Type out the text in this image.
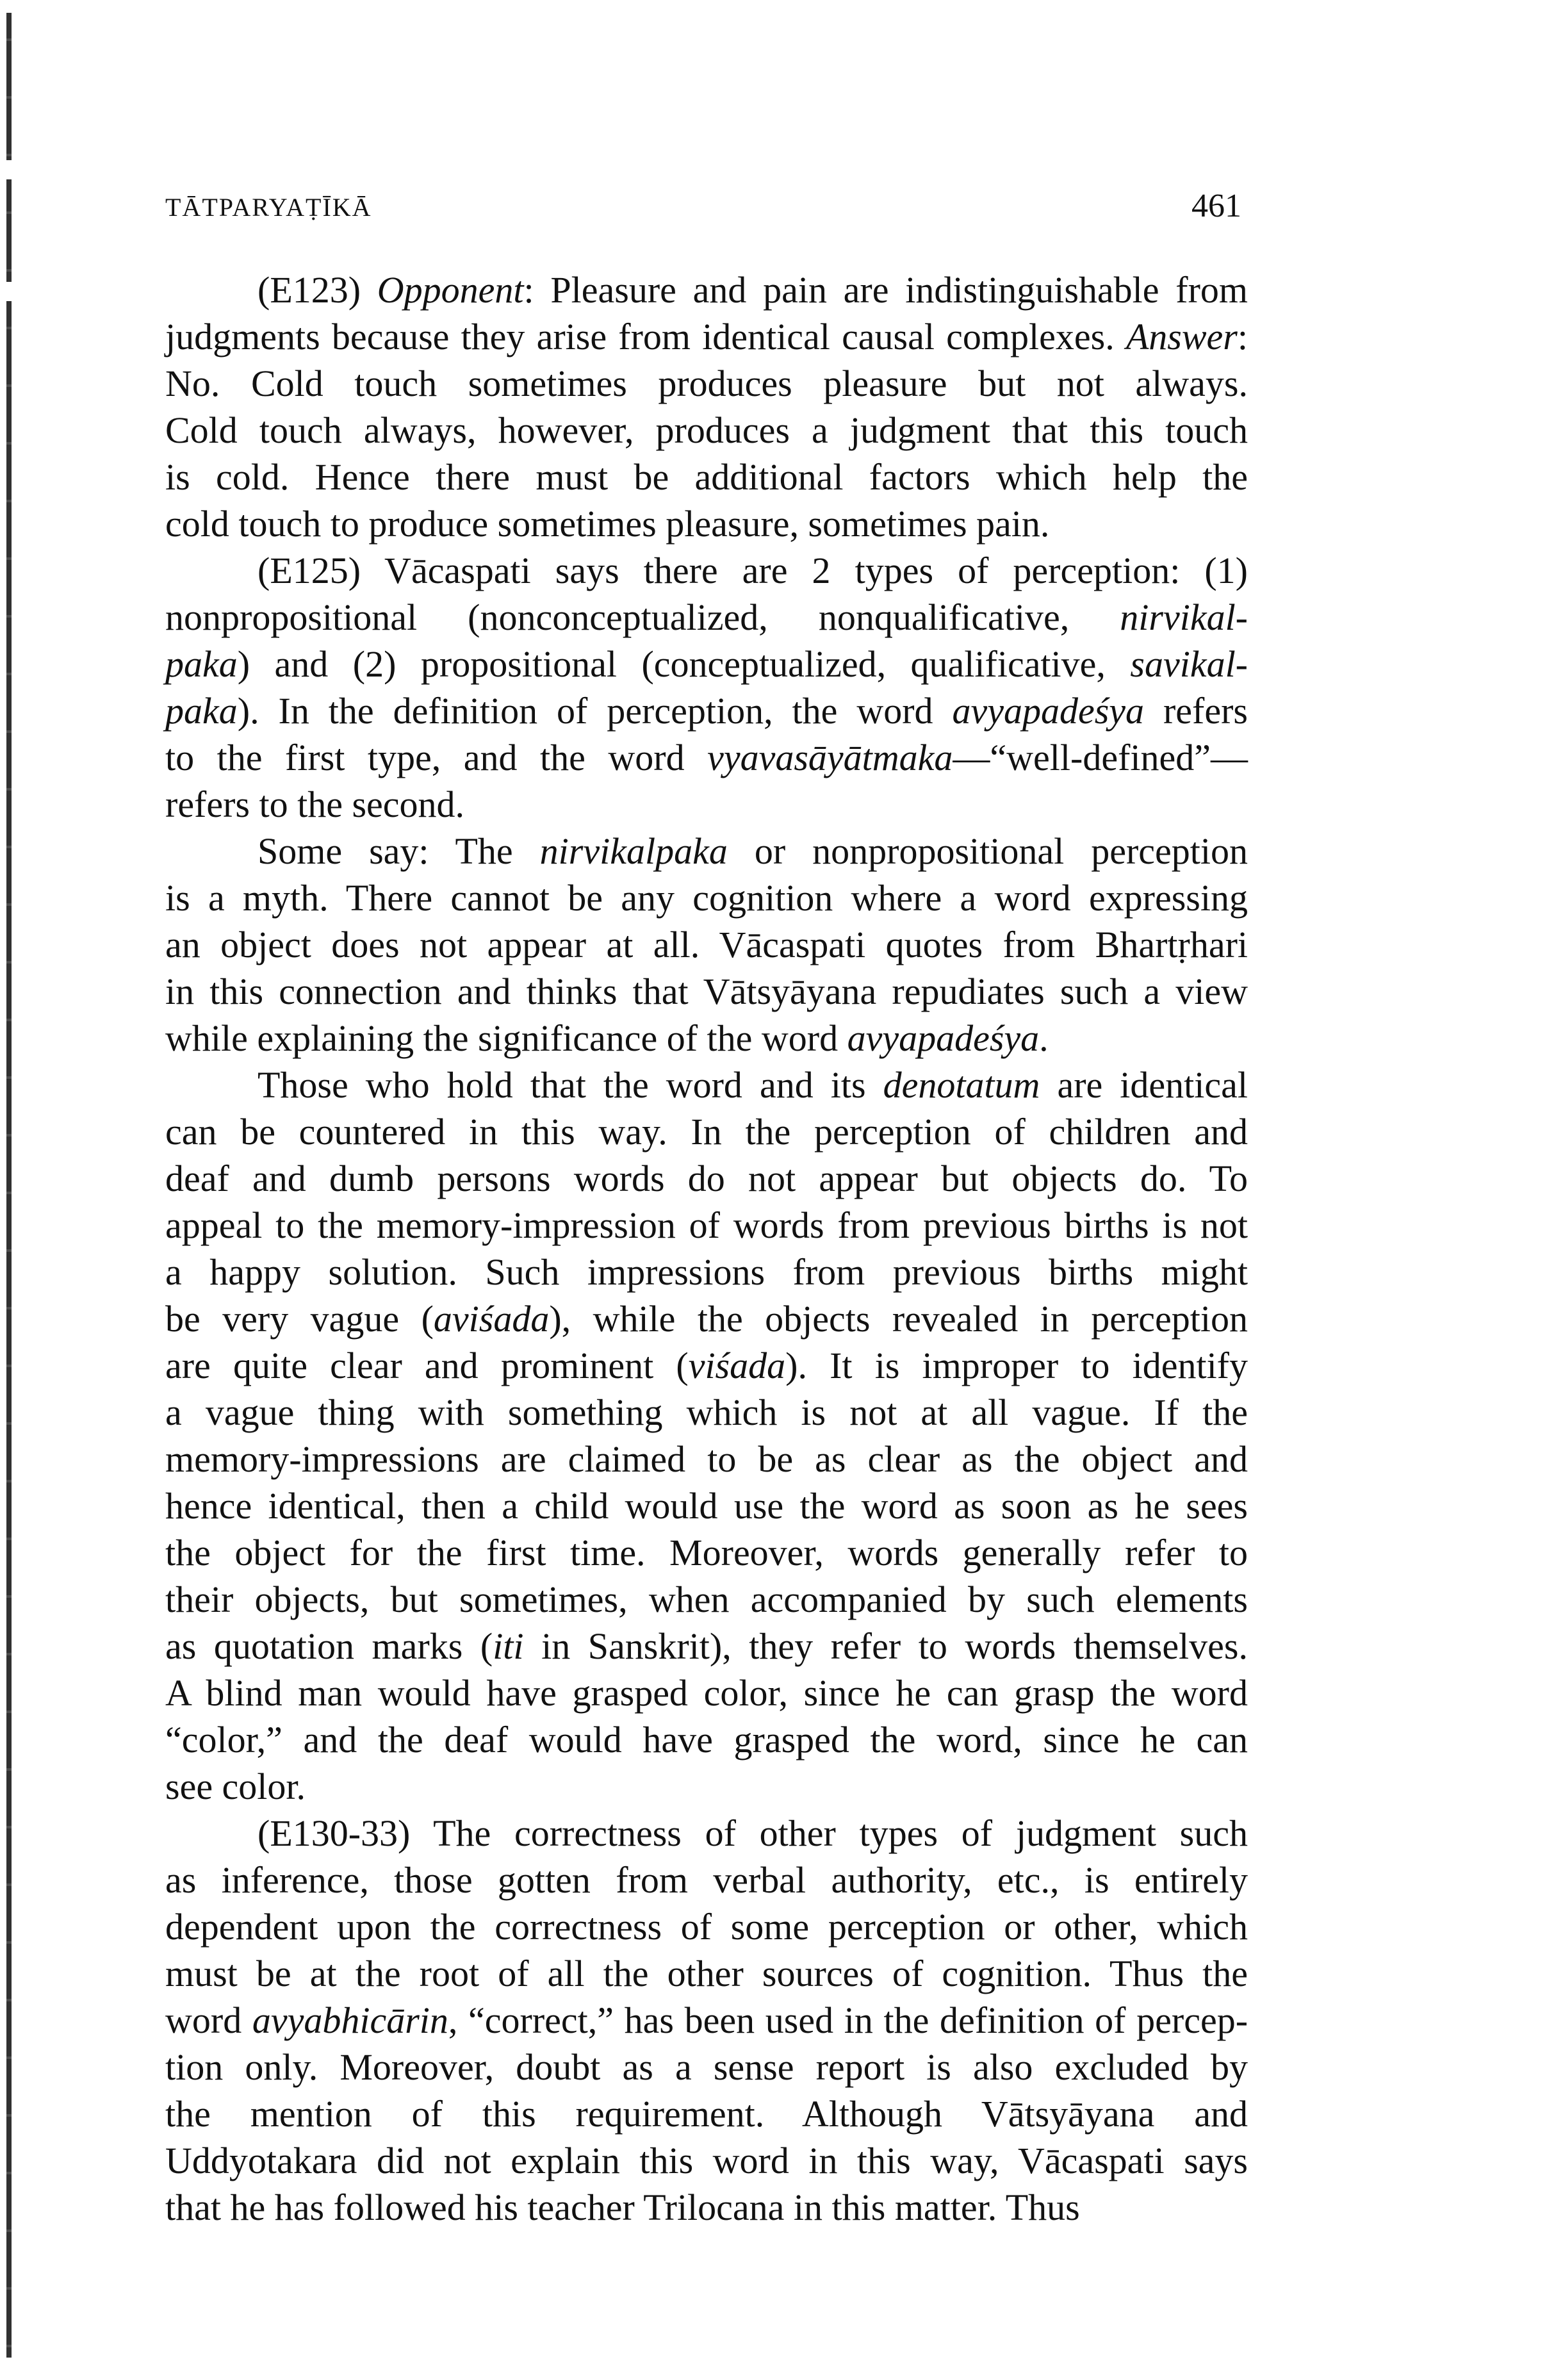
TĀTPARYAṬĪKĀ	461
(E123) Opponent: Pleasure and pain are indistinguishable from
judgments because they arise from identical causal complexes. Answer:
No. Cold touch sometimes produces pleasure but not always.
Cold touch always, however, produces a judgment that this touch
is cold. Hence there must be additional factors which help the
cold touch to produce sometimes pleasure, sometimes pain.
(E125) Vācaspati says there are 2 types of perception: (1)
nonpropositional (nonconceptualized, nonqualificative, nirvikal-
paka) and (2) propositional (conceptualized, qualificative, savikal-
paka). In the definition of perception, the word avyapadeśya refers
to the first type, and the word vyavasāyātmaka—“well-defined”—
refers to the second.
Some say: The nirvikalpaka or nonpropositional perception
is a myth. There cannot be any cognition where a word expressing
an object does not appear at all. Vācaspati quotes from Bhartṛhari
in this connection and thinks that Vātsyāyana repudiates such a view
while explaining the significance of the word avyapadeśya.
Those who hold that the word and its denotatum are identical
can be countered in this way. In the perception of children and
deaf and dumb persons words do not appear but objects do. To
appeal to the memory-impression of words from previous births is not
a happy solution. Such impressions from previous births might
be very vague (aviśada), while the objects revealed in perception
are quite clear and prominent (viśada). It is improper to identify
a vague thing with something which is not at all vague. If the
memory-impressions are claimed to be as clear as the object and
hence identical, then a child would use the word as soon as he sees
the object for the first time. Moreover, words generally refer to
their objects, but sometimes, when accompanied by such elements
as quotation marks (iti in Sanskrit), they refer to words themselves.
A blind man would have grasped color, since he can grasp the word
“color,” and the deaf would have grasped the word, since he can
see color.
(E130-33) The correctness of other types of judgment such
as inference, those gotten from verbal authority, etc., is entirely
dependent upon the correctness of some perception or other, which
must be at the root of all the other sources of cognition. Thus the
word avyabhicārin, “correct,” has been used in the definition of percep-
tion only. Moreover, doubt as a sense report is also excluded by
the mention of this requirement. Although Vātsyāyana and
Uddyotakara did not explain this word in this way, Vācaspati says
that he has followed his teacher Trilocana in this matter. Thus
